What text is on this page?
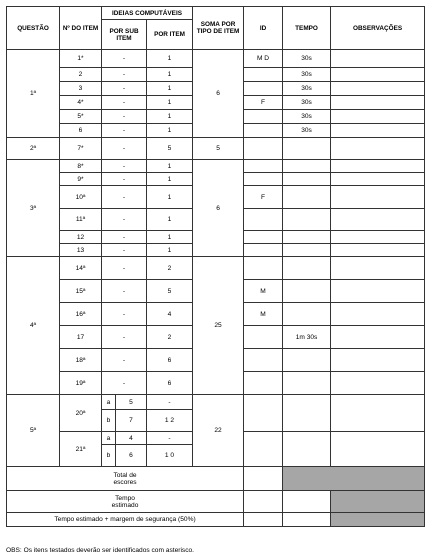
QUESTÃO	Nº DO ITEM	IDEIAS COMPUTÁVEIS			SOMA POR TIPO DE ITEM	ID	TEMPO	OBSERVAÇÕES
		POR SUB ITEM		POR ITEM				

1ª	1*	-		1	6	M D	30s	
	2	-		1			30s	
	3	-		1			30s	
	4*	-		1		F	30s	
	5*	-		1			30s	
	6	-		1			30s	
2ª	7*	-		5	5			
3ª	8*	-		1	6			
	9*	-		1				
	10ª	-		1		F		
	11ª	-		1				
	12	-		1				
	13	-		1				
4ª	14ª	-		2	25			
	15ª	-		5		M		
	16ª	-		4		M		
	17	-		2			1m 30s	
	18ª	-		6				
	19ª	-		6				
5ª	20ª	a	5	-	22			
		b	7	1 2				
	21ª	a	4	-				
		b	6	1 0				
Total de escores								
Tempo estimado								
Tempo estimado + margem de segurança (50%)								
OBS: Os itens testados deverão ser identificados com asterisco.
